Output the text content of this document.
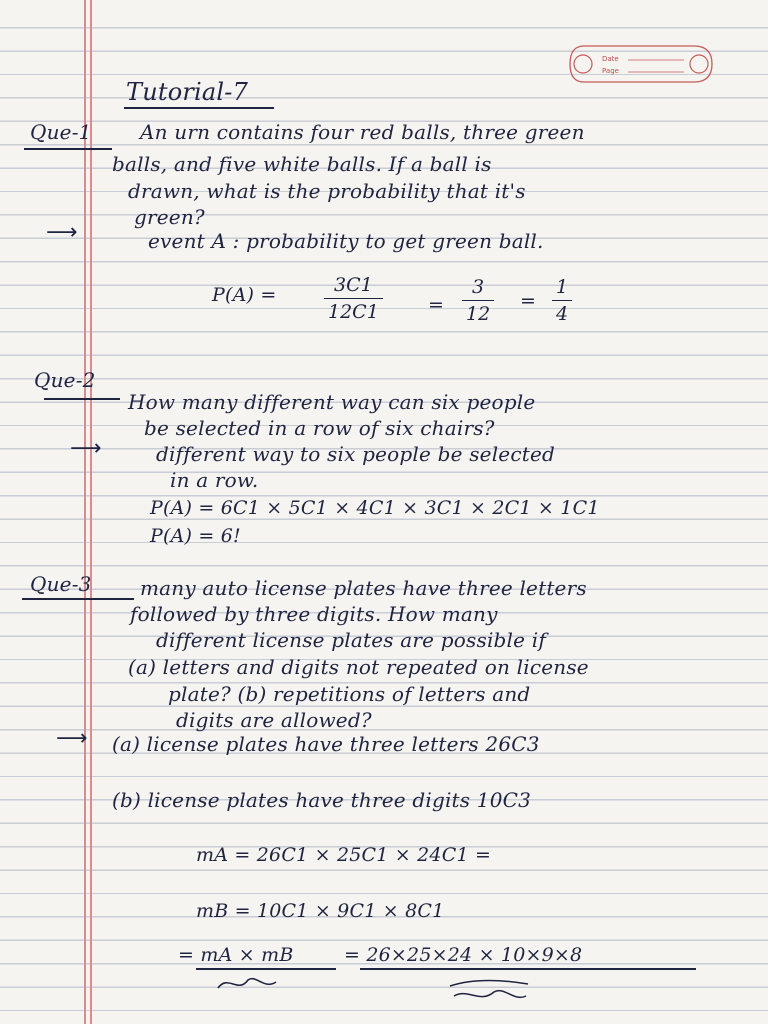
Date
Page
Tutorial-7
Que-1 An urn contains four red balls, three green
balls, and five white balls. If a ball is
drawn, what is the probability that it's
green?
⟶	event A : probability to get green ball.
P(A) =	$\frac{3C1}{12C1} = \frac{3}{12} = \frac{1}{4}$
Que-2
How many different way can six people
be selected in a row of six chairs?
⟶	different way to six people be selected
in a row.
P(A) = 6C1 × 5C1 × 4C1 × 3C1 × 2C1 × 1C1
P(A) = 6!
Que-3 many auto license plates have three letters
followed by three digits. How many
different license plates are possible if
(a) letters and digits not repeated on license
plate? (b) repetitions of letters and
digits are allowed?
⟶ (a) license plates have three letters 26C3
(b) license plates have three digits 10C3
mA = 26C1 × 25C1 × 24C1 =
mB = 10C1 × 9C1 × 8C1
= mA × mB	= 26×25×24 × 10×9×8
